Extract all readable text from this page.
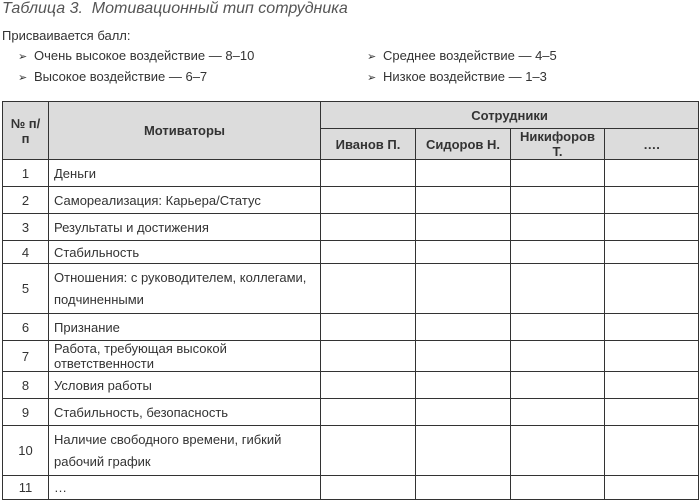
Таблица 3. Мотивационный тип сотрудника
Присваивается балл:
➢ Очень высокое воздействие — 8–10
➢ Высокое воздействие — 6–7
➢ Среднее воздействие — 4–5
➢ Низкое воздействие — 1–3
№ п/п	Мотиваторы	Сотрудники			
		Иванов П.	Сидоров Н.	Никифоров Т.	….
1	Деньги				
2	Самореализация: Карьера/Статус				
3	Результаты и достижения				
4	Стабильность				
5	Отношения: с руководителем, коллегами, подчиненными				
6	Признание				
7	Работа, требующая высокой ответственности				
8	Условия работы				
9	Стабильность, безопасность				
10	Наличие свободного времени, гибкий рабочий график				
11	…				
